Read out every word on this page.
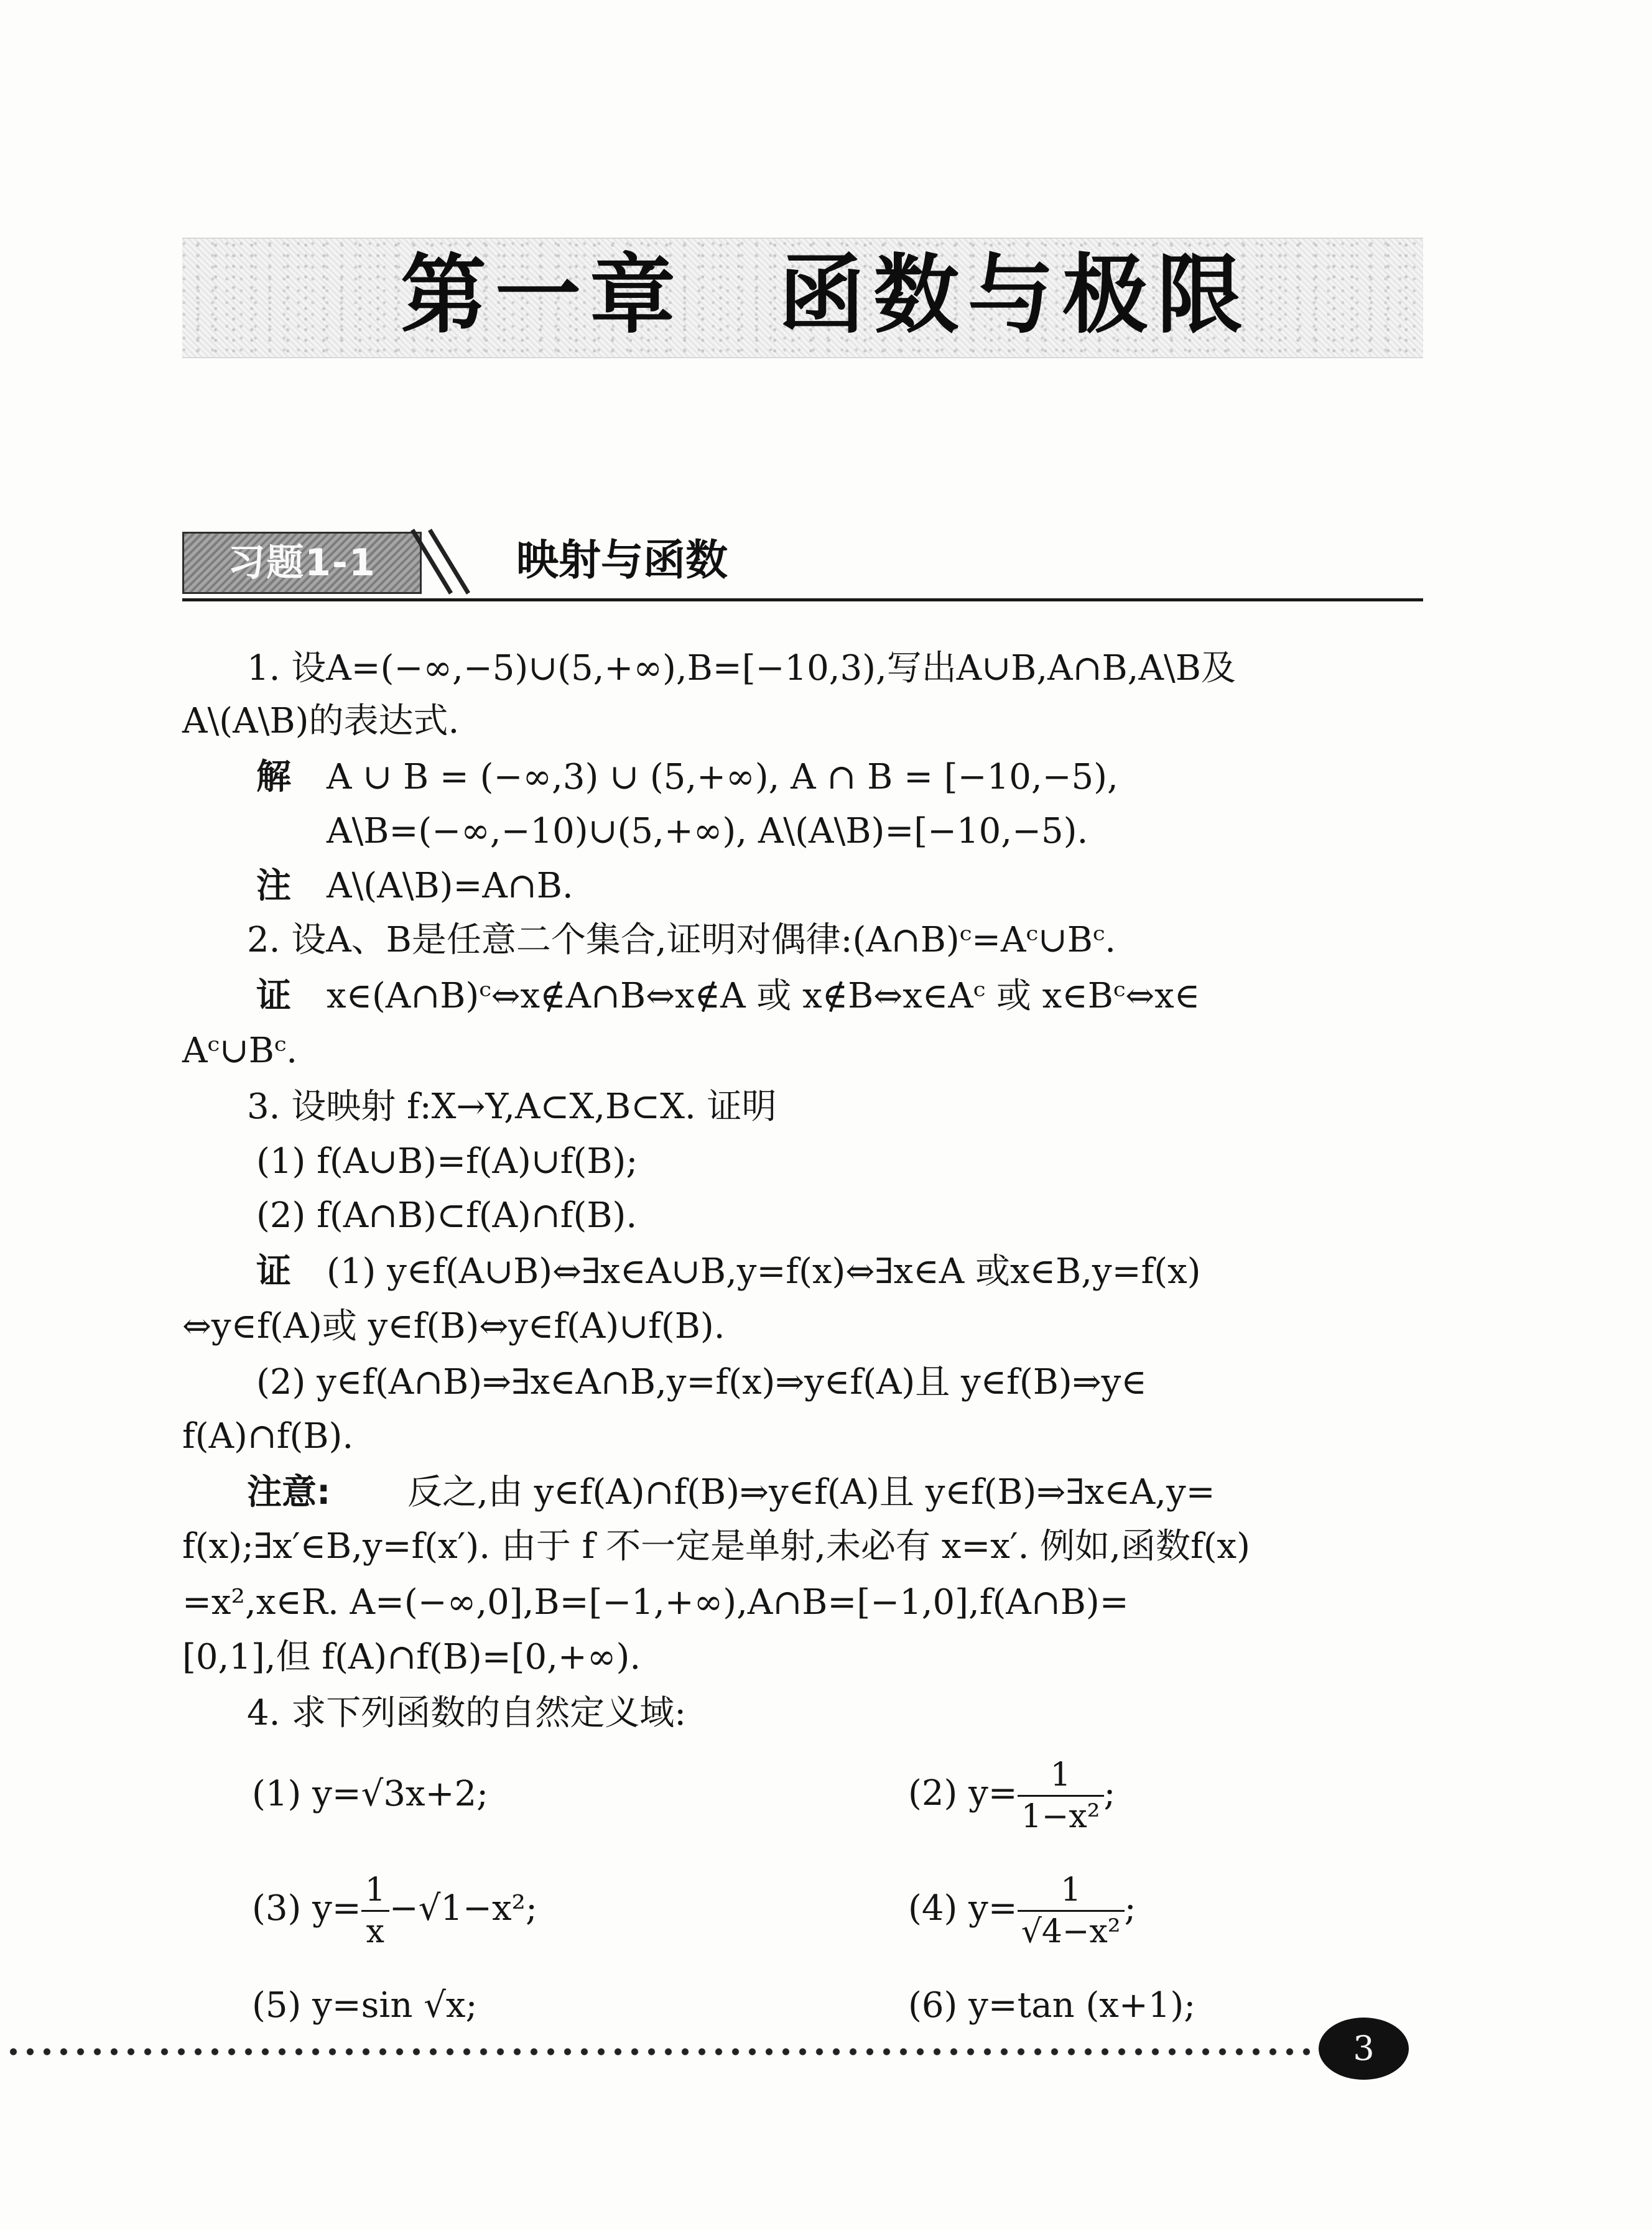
第一章　函数与极限
习题1-1	映射与函数
1. 设A=(−∞,−5)∪(5,+∞),B=[−10,3),写出A∪B,A∩B,A\B及
A\(A\B)的表达式.
解 A ∪ B = (−∞,3) ∪ (5,+∞), A ∩ B = [−10,−5),
A\B=(−∞,−10)∪(5,+∞), A\(A\B)=[−10,−5).
注 A\(A\B)=A∩B.
2. 设A、B是任意二个集合,证明对偶律:(A∩B)ᶜ=Aᶜ∪Bᶜ.
证 x∈(A∩B)ᶜ⇔x∉A∩B⇔x∉A 或 x∉B⇔x∈Aᶜ 或 x∈Bᶜ⇔x∈
Aᶜ∪Bᶜ.
3. 设映射 f:X→Y,A⊂X,B⊂X. 证明
(1) f(A∪B)=f(A)∪f(B);
(2) f(A∩B)⊂f(A)∩f(B).
证 (1) y∈f(A∪B)⇔∃x∈A∪B,y=f(x)⇔∃x∈A 或x∈B,y=f(x)
⇔y∈f(A)或 y∈f(B)⇔y∈f(A)∪f(B).
(2) y∈f(A∩B)⇒∃x∈A∩B,y=f(x)⇒y∈f(A)且 y∈f(B)⇒y∈
f(A)∩f(B).
注意: 反之,由 y∈f(A)∩f(B)⇒y∈f(A)且 y∈f(B)⇒∃x∈A,y=
f(x);∃x′∈B,y=f(x′). 由于 f 不一定是单射,未必有 x=x′. 例如,函数f(x)
=x²,x∈R. A=(−∞,0],B=[−1,+∞),A∩B=[−1,0],f(A∩B)=
[0,1],但 f(A)∩f(B)=[0,+∞).
4. 求下列函数的自然定义域:
(1) y=√3x+2;	(2) $y= \frac{1}{\text{1−x²}}$ ;
(3) $y= \frac{1}{x} -√1-x^2$;	(4) $y= \frac{1}{\text{√4−x²}}$ ;
(5) y=sin √x;	(6) y=tan (x+1);
3
